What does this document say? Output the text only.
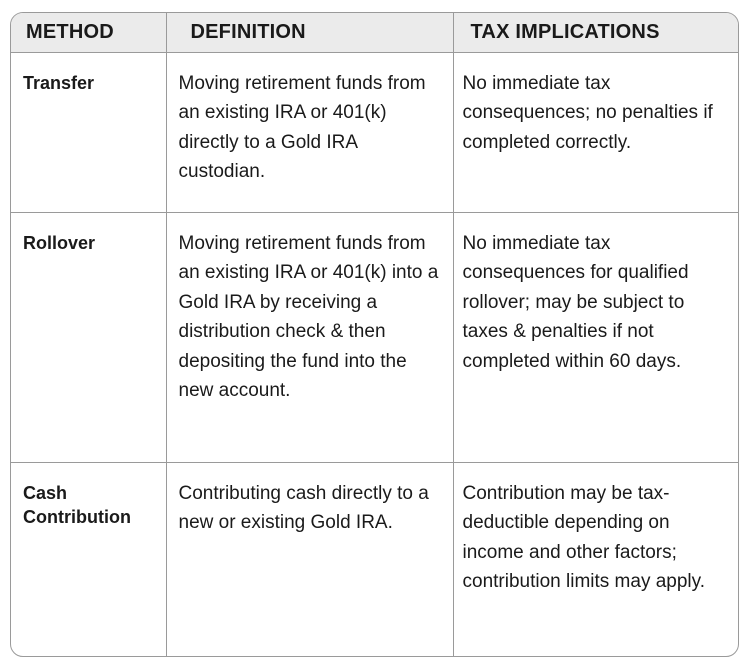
METHOD	DEFINITION	TAX IMPLICATIONS
Transfer	Moving retirement funds from an existing IRA or 401(k) directly to a Gold IRA custodian.	No immediate tax consequences; no penalties if completed correctly.
Rollover	Moving retirement funds from an existing IRA or 401(k) into a Gold IRA by receiving a distribution check & then depositing the fund into the new account.	No immediate tax consequences for qualified rollover; may be subject to taxes & penalties if not completed within 60 days.
Cash Contribution	Contributing cash directly to a new or existing Gold IRA.	Contribution may be tax-deductible depending on income and other factors; contribution limits may apply.
